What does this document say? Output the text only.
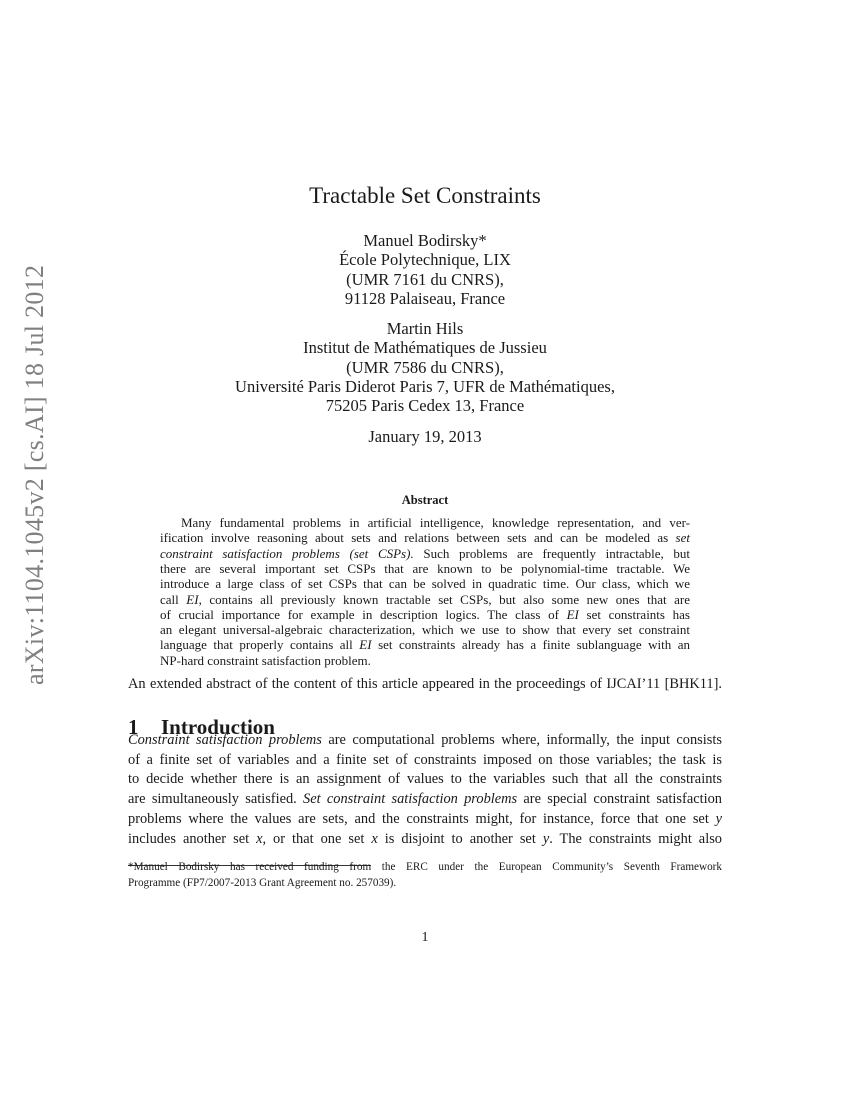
arXiv:1104.1045v2 [cs.AI] 18 Jul 2012
Tractable Set Constraints
Manuel Bodirsky*
École Polytechnique, LIX
(UMR 7161 du CNRS),
91128 Palaiseau, France
Martin Hils
Institut de Mathématiques de Jussieu
(UMR 7586 du CNRS),
Université Paris Diderot Paris 7, UFR de Mathématiques,
75205 Paris Cedex 13, France
January 19, 2013
Abstract
Many fundamental problems in artificial intelligence, knowledge representation, and ver-
ification involve reasoning about sets and relations between sets and can be modeled as set
constraint satisfaction problems (set CSPs). Such problems are frequently intractable, but
there are several important set CSPs that are known to be polynomial-time tractable. We
introduce a large class of set CSPs that can be solved in quadratic time. Our class, which we
call EI, contains all previously known tractable set CSPs, but also some new ones that are
of crucial importance for example in description logics. The class of EI set constraints has
an elegant universal-algebraic characterization, which we use to show that every set constraint
language that properly contains all EI set constraints already has a finite sublanguage with an
NP-hard constraint satisfaction problem.
An extended abstract of the content of this article appeared in the proceedings of IJCAI’11 [BHK11].
1 Introduction
Constraint satisfaction problems are computational problems where, informally, the input consists
of a finite set of variables and a finite set of constraints imposed on those variables; the task is
to decide whether there is an assignment of values to the variables such that all the constraints
are simultaneously satisfied. Set constraint satisfaction problems are special constraint satisfaction
problems where the values are sets, and the constraints might, for instance, force that one set y
includes another set x, or that one set x is disjoint to another set y. The constraints might also
*Manuel Bodirsky has received funding from the ERC under the European Community’s Seventh Framework
Programme (FP7/2007-2013 Grant Agreement no. 257039).
1
